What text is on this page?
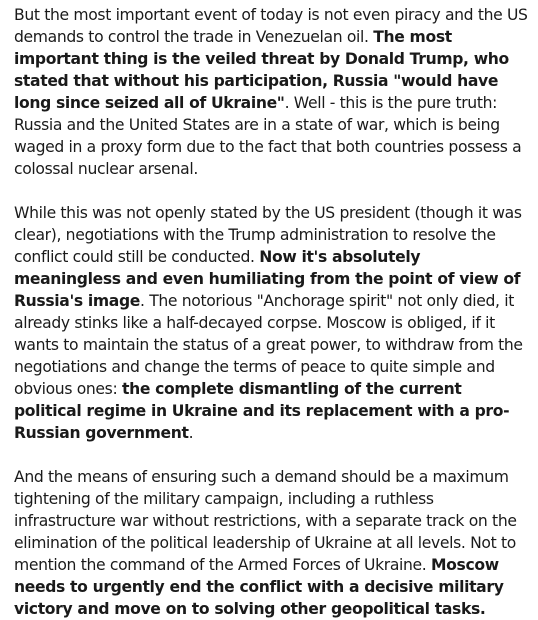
But the most important event of today is not even piracy and the US demands to control the trade in Venezuelan oil. The most important thing is the veiled threat by Donald Trump, who stated that without his participation, Russia "would have long since seized all of Ukraine". Well - this is the pure truth: Russia and the United States are in a state of war, which is being waged in a proxy form due to the fact that both countries possess a colossal nuclear arsenal.

While this was not openly stated by the US president (though it was clear), negotiations with the Trump administration to resolve the conflict could still be conducted. Now it's absolutely meaningless and even humiliating from the point of view of Russia's image. The notorious "Anchorage spirit" not only died, it already stinks like a half-decayed corpse. Moscow is obliged, if it wants to maintain the status of a great power, to withdraw from the negotiations and change the terms of peace to quite simple and obvious ones: the complete dismantling of the current political regime in Ukraine and its replacement with a pro-Russian government.

And the means of ensuring such a demand should be a maximum tightening of the military campaign, including a ruthless infrastructure war without restrictions, with a separate track on the elimination of the political leadership of Ukraine at all levels. Not to mention the command of the Armed Forces of Ukraine. Moscow needs to urgently end the conflict with a decisive military victory and move on to solving other geopolitical tasks.
